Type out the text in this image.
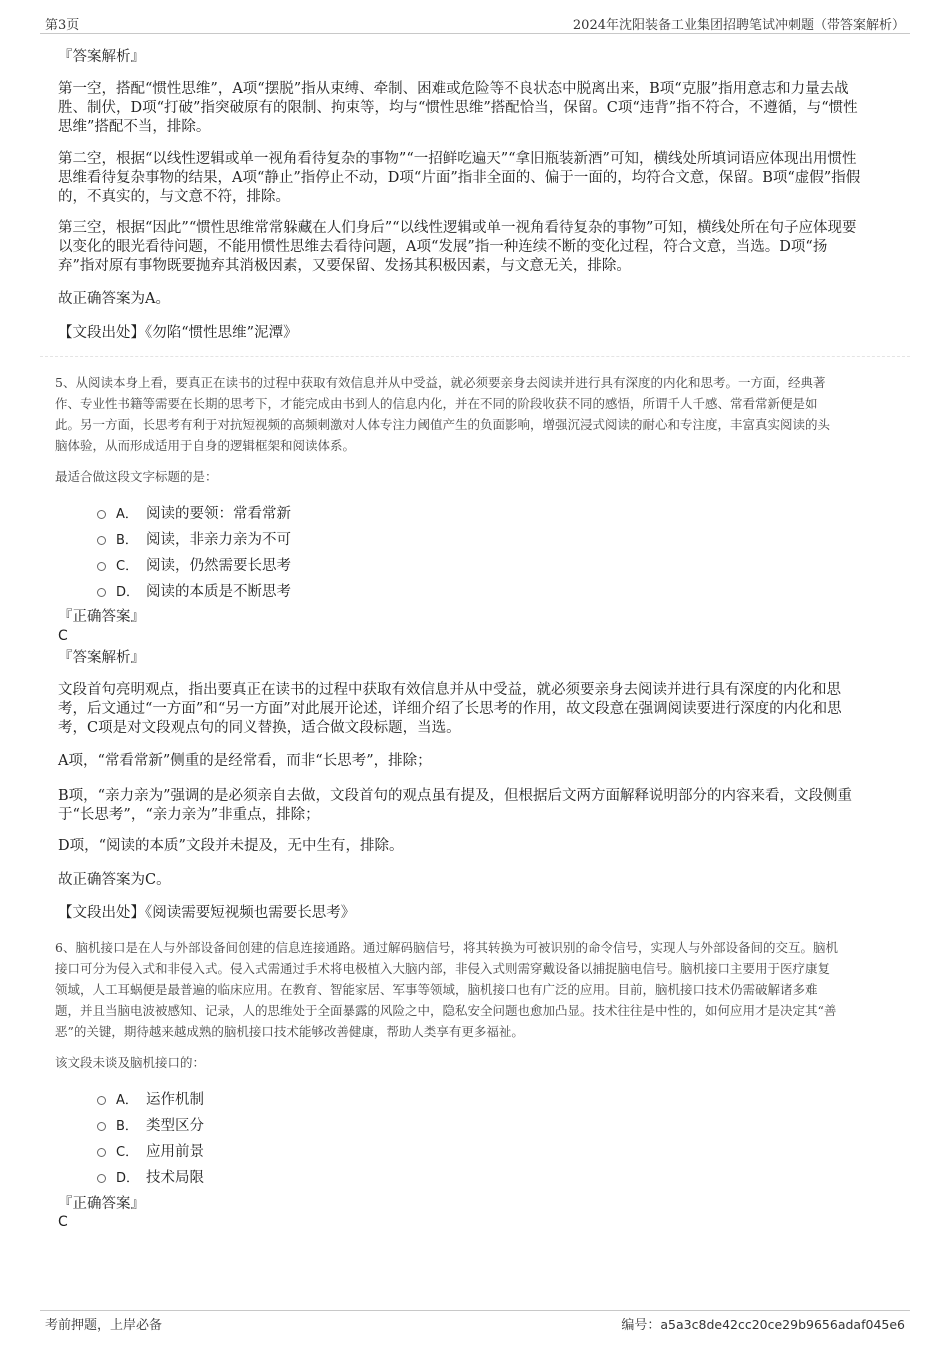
第3页	2024年沈阳装备工业集团招聘笔试冲刺题（带答案解析）
『答案解析』

第一空，搭配“惯性思维”，A项“摆脱”指从束缚、牵制、困难或危险等不良状态中脱离出来，B项“克服”指用意志和力量去战

胜、制伏，D项“打破”指突破原有的限制、拘束等，均与“惯性思维”搭配恰当，保留。C项“违背”指不符合，不遵循，与“惯性

思维”搭配不当，排除。

第二空，根据“以线性逻辑或单一视角看待复杂的事物”“一招鲜吃遍天”“拿旧瓶装新酒”可知，横线处所填词语应体现出用惯性

思维看待复杂事物的结果，A项“静止”指停止不动，D项“片面”指非全面的、偏于一面的，均符合文意，保留。B项“虚假”指假

的，不真实的，与文意不符，排除。

第三空，根据“因此”“惯性思维常常躲藏在人们身后”“以线性逻辑或单一视角看待复杂的事物”可知，横线处所在句子应体现要

以变化的眼光看待问题，不能用惯性思维去看待问题，A项“发展”指一种连续不断的变化过程，符合文意，当选。D项“扬

弃”指对原有事物既要抛弃其消极因素，又要保留、发扬其积极因素，与文意无关，排除。

故正确答案为A。
【文段出处】《勿陷“惯性思维”泥潭》

5、从阅读本身上看，要真正在读书的过程中获取有效信息并从中受益，就必须要亲身去阅读并进行具有深度的内化和思考。一方面，经典著

作、专业性书籍等需要在长期的思考下，才能完成由书到人的信息内化，并在不同的阶段收获不同的感悟，所谓千人千感、常看常新便是如

此。另一方面，长思考有利于对抗短视频的高频刺激对人体专注力阈值产生的负面影响，增强沉浸式阅读的耐心和专注度，丰富真实阅读的头

脑体验，从而形成适用于自身的逻辑框架和阅读体系。

最适合做这段文字标题的是：
A． 阅读的要领：常看常新
B． 阅读，非亲力亲为不可
C． 阅读，仍然需要长思考
D． 阅读的本质是不断思考
『正确答案』
C
『答案解析』

文段首句亮明观点，指出要真正在读书的过程中获取有效信息并从中受益，就必须要亲身去阅读并进行具有深度的内化和思

考，后文通过“一方面”和“另一方面”对此展开论述，详细介绍了长思考的作用，故文段意在强调阅读要进行深度的内化和思

考，C项是对文段观点句的同义替换，适合做文段标题，当选。

A项，“常看常新”侧重的是经常看，而非“长思考”，排除；

B项，“亲力亲为”强调的是必须亲自去做，文段首句的观点虽有提及，但根据后文两方面解释说明部分的内容来看，文段侧重

于“长思考”，“亲力亲为”非重点，排除；

D项，“阅读的本质”文段并未提及，无中生有，排除。
故正确答案为C。
【文段出处】《阅读需要短视频也需要长思考》

6、脑机接口是在人与外部设备间创建的信息连接通路。通过解码脑信号，将其转换为可被识别的命令信号，实现人与外部设备间的交互。脑机

接口可分为侵入式和非侵入式。侵入式需通过手术将电极植入大脑内部，非侵入式则需穿戴设备以捕捉脑电信号。脑机接口主要用于医疗康复

领域，人工耳蜗便是最普遍的临床应用。在教育、智能家居、军事等领域，脑机接口也有广泛的应用。目前，脑机接口技术仍需破解诸多难

题，并且当脑电波被感知、记录，人的思维处于全面暴露的风险之中，隐私安全问题也愈加凸显。技术往往是中性的，如何应用才是决定其“善

恶”的关键，期待越来越成熟的脑机接口技术能够改善健康，帮助人类享有更多福祉。

该文段未谈及脑机接口的：
A． 运作机制
B． 类型区分
C． 应用前景
D． 技术局限
『正确答案』
C
考前押题，上岸必备	编号：a5a3c8de42cc20ce29b9656adaf045e6
